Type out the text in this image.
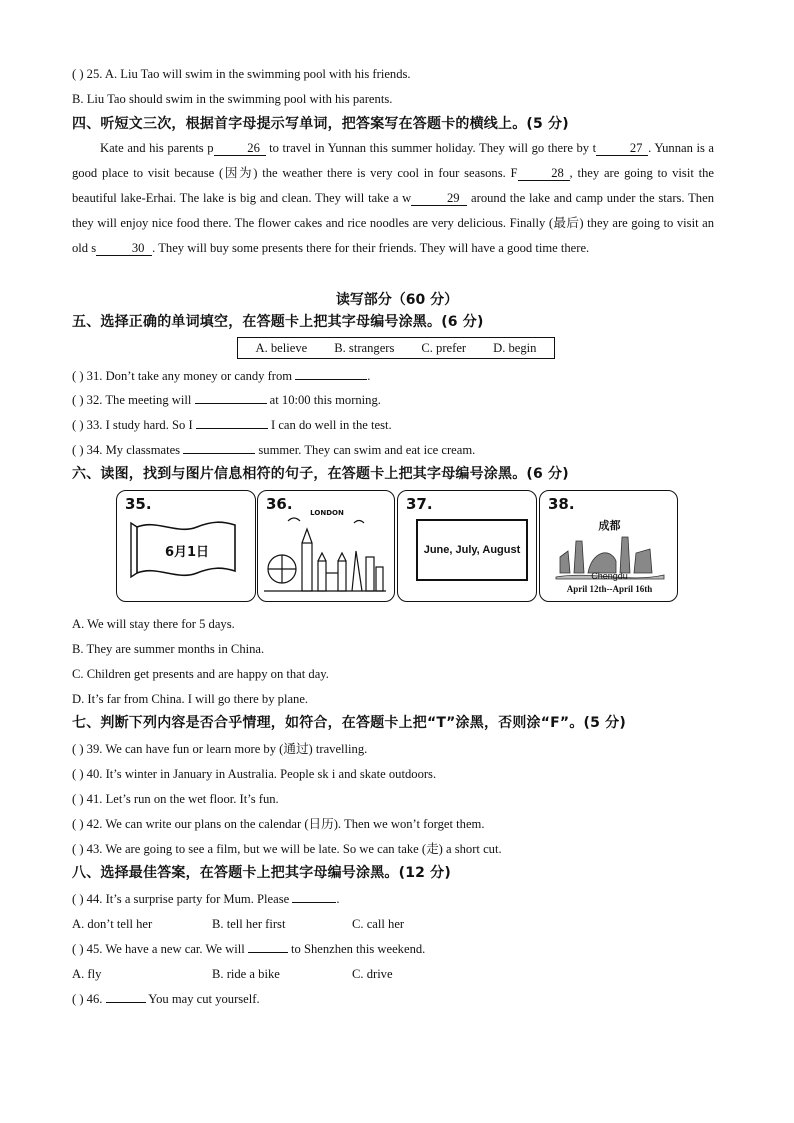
( ) 25. A. Liu Tao will swim in the swimming pool with his friends.
B. Liu Tao should swim in the swimming pool with his parents.
四、听短文三次，根据首字母提示写单词，把答案写在答题卡的横线上。(5 分)

Kate and his parents p	26 to travel in Yunnan this summer holiday. They will go there by t	27 . Yunnan is a good place to visit because (因为) the weather there is very cool in four seasons. F	28 , they are going to visit the beautiful lake-Erhai. The lake is big and clean. They will take a w	29 around the lake and camp under the stars. Then they will enjoy nice food there. The flower cakes and rice noodles are very delicious. Finally (最后) they are going to visit an old s	30 . They will buy some presents there for their friends. They will have a good time there.

读写部分（60 分）
五、选择正确的单词填空，在答题卡上把其字母编号涂黑。(6 分)
A. believe B. strangers C. prefer D. begin
( ) 31. Don’t take any money or candy from	.
( ) 32. The meeting will	at 10:00 this morning.
( ) 33. I study hard. So I	I can do well in the test.
( ) 34. My classmates	summer. They can swim and eat ice cream.
六、读图，找到与图片信息相符的句子，在答题卡上把其字母编号涂黑。(6 分)
35.
6月1日
36.	LONDON	37.
June, July, August
38.
成都
Chengdu
April 12th--April 16th
A. We will stay there for 5 days.
B. They are summer months in China.
C. Children get presents and are happy on that day.
D. It’s far from China. I will go there by plane.
七、判断下列内容是否合乎情理，如符合，在答题卡上把“T”涂黑，否则涂“F”。(5 分)
( ) 39. We can have fun or learn more by (通过) travelling.
( ) 40. It’s winter in January in Australia. People sk i and skate outdoors.
( ) 41. Let’s run on the wet floor. It’s fun.
( ) 42. We can write our plans on the calendar (日历). Then we won’t forget them.
( ) 43. We are going to see a film, but we will be late. So we can take (走) a short cut.
八、选择最佳答案，在答题卡上把其字母编号涂黑。(12 分)
( ) 44. It’s a surprise party for Mum. Please	.
A. don’t tell her	B. tell her first	C. call her
( ) 45. We have a new car. We will	to Shenzhen this weekend.
A. fly	B. ride a bike	C. drive
( ) 46.	You may cut yourself.
